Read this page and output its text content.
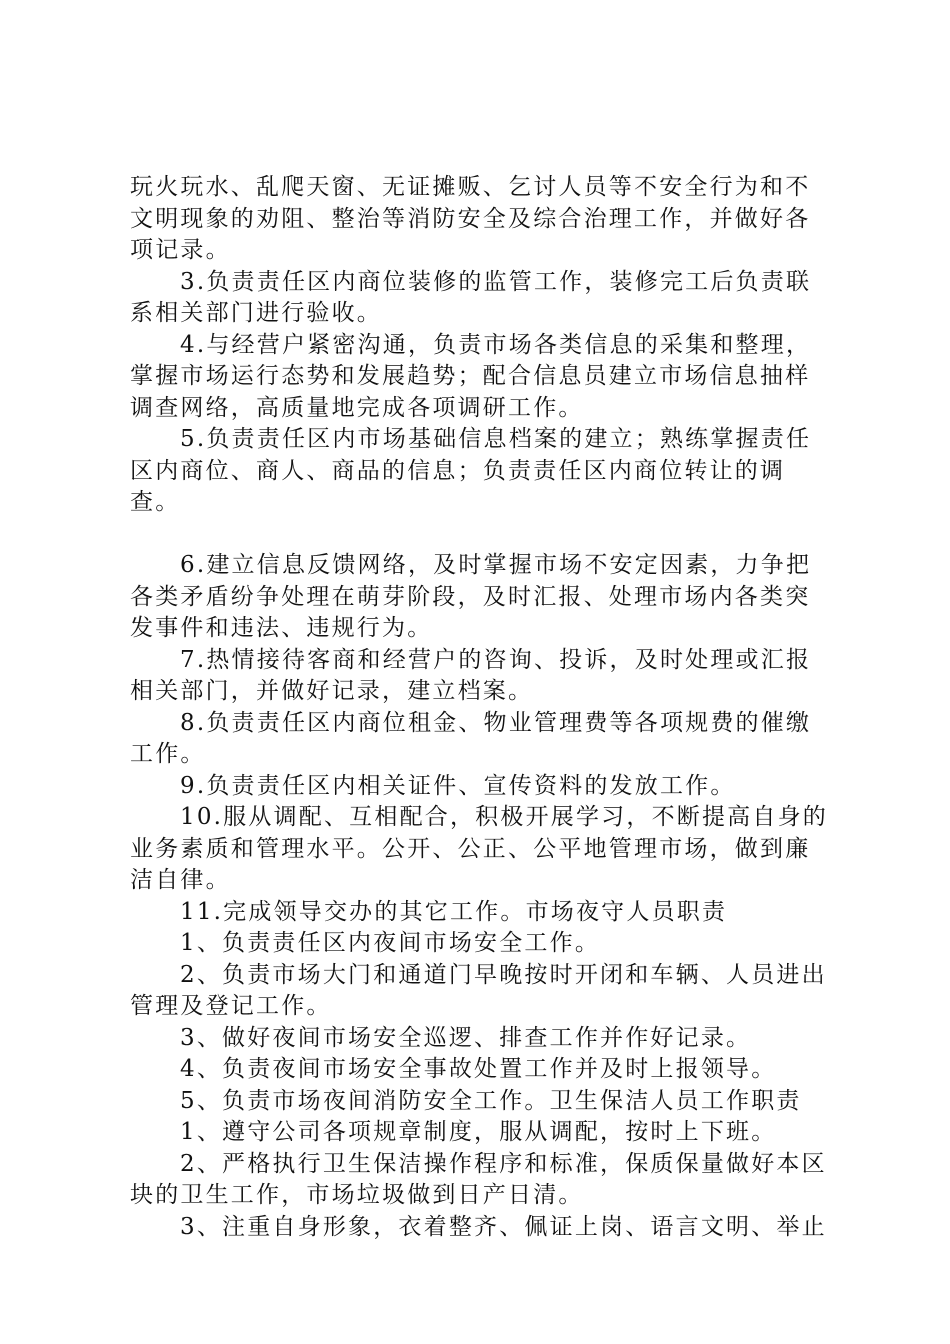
玩火玩水、乱爬天窗、无证摊贩、乞讨人员等不安全行为和不文明现象的劝阻、整治等消防安全及综合治理工作，并做好各项记录。

3.负责责任区内商位装修的监管工作，装修完工后负责联系相关部门进行验收。

4.与经营户紧密沟通，负责市场各类信息的采集和整理，掌握市场运行态势和发展趋势；配合信息员建立市场信息抽样调查网络，高质量地完成各项调研工作。

5.负责责任区内市场基础信息档案的建立；熟练掌握责任区内商位、商人、商品的信息；负责责任区内商位转让的调查。

6.建立信息反馈网络，及时掌握市场不安定因素，力争把各类矛盾纷争处理在萌芽阶段，及时汇报、处理市场内各类突发事件和违法、违规行为。

7.热情接待客商和经营户的咨询、投诉，及时处理或汇报相关部门，并做好记录，建立档案。

8.负责责任区内商位租金、物业管理费等各项规费的催缴工作。

9.负责责任区内相关证件、宣传资料的发放工作。

10.服从调配、互相配合，积极开展学习，不断提高自身的业务素质和管理水平。公开、公正、公平地管理市场，做到廉洁自律。

11.完成领导交办的其它工作。市场夜守人员职责

1、负责责任区内夜间市场安全工作。

2、负责市场大门和通道门早晚按时开闭和车辆、人员进出管理及登记工作。

3、做好夜间市场安全巡逻、排查工作并作好记录。

4、负责夜间市场安全事故处置工作并及时上报领导。

5、负责市场夜间消防安全工作。卫生保洁人员工作职责

1、遵守公司各项规章制度，服从调配，按时上下班。

2、严格执行卫生保洁操作程序和标准，保质保量做好本区块的卫生工作，市场垃圾做到日产日清。

3、注重自身形象，衣着整齐、佩证上岗、语言文明、举止
